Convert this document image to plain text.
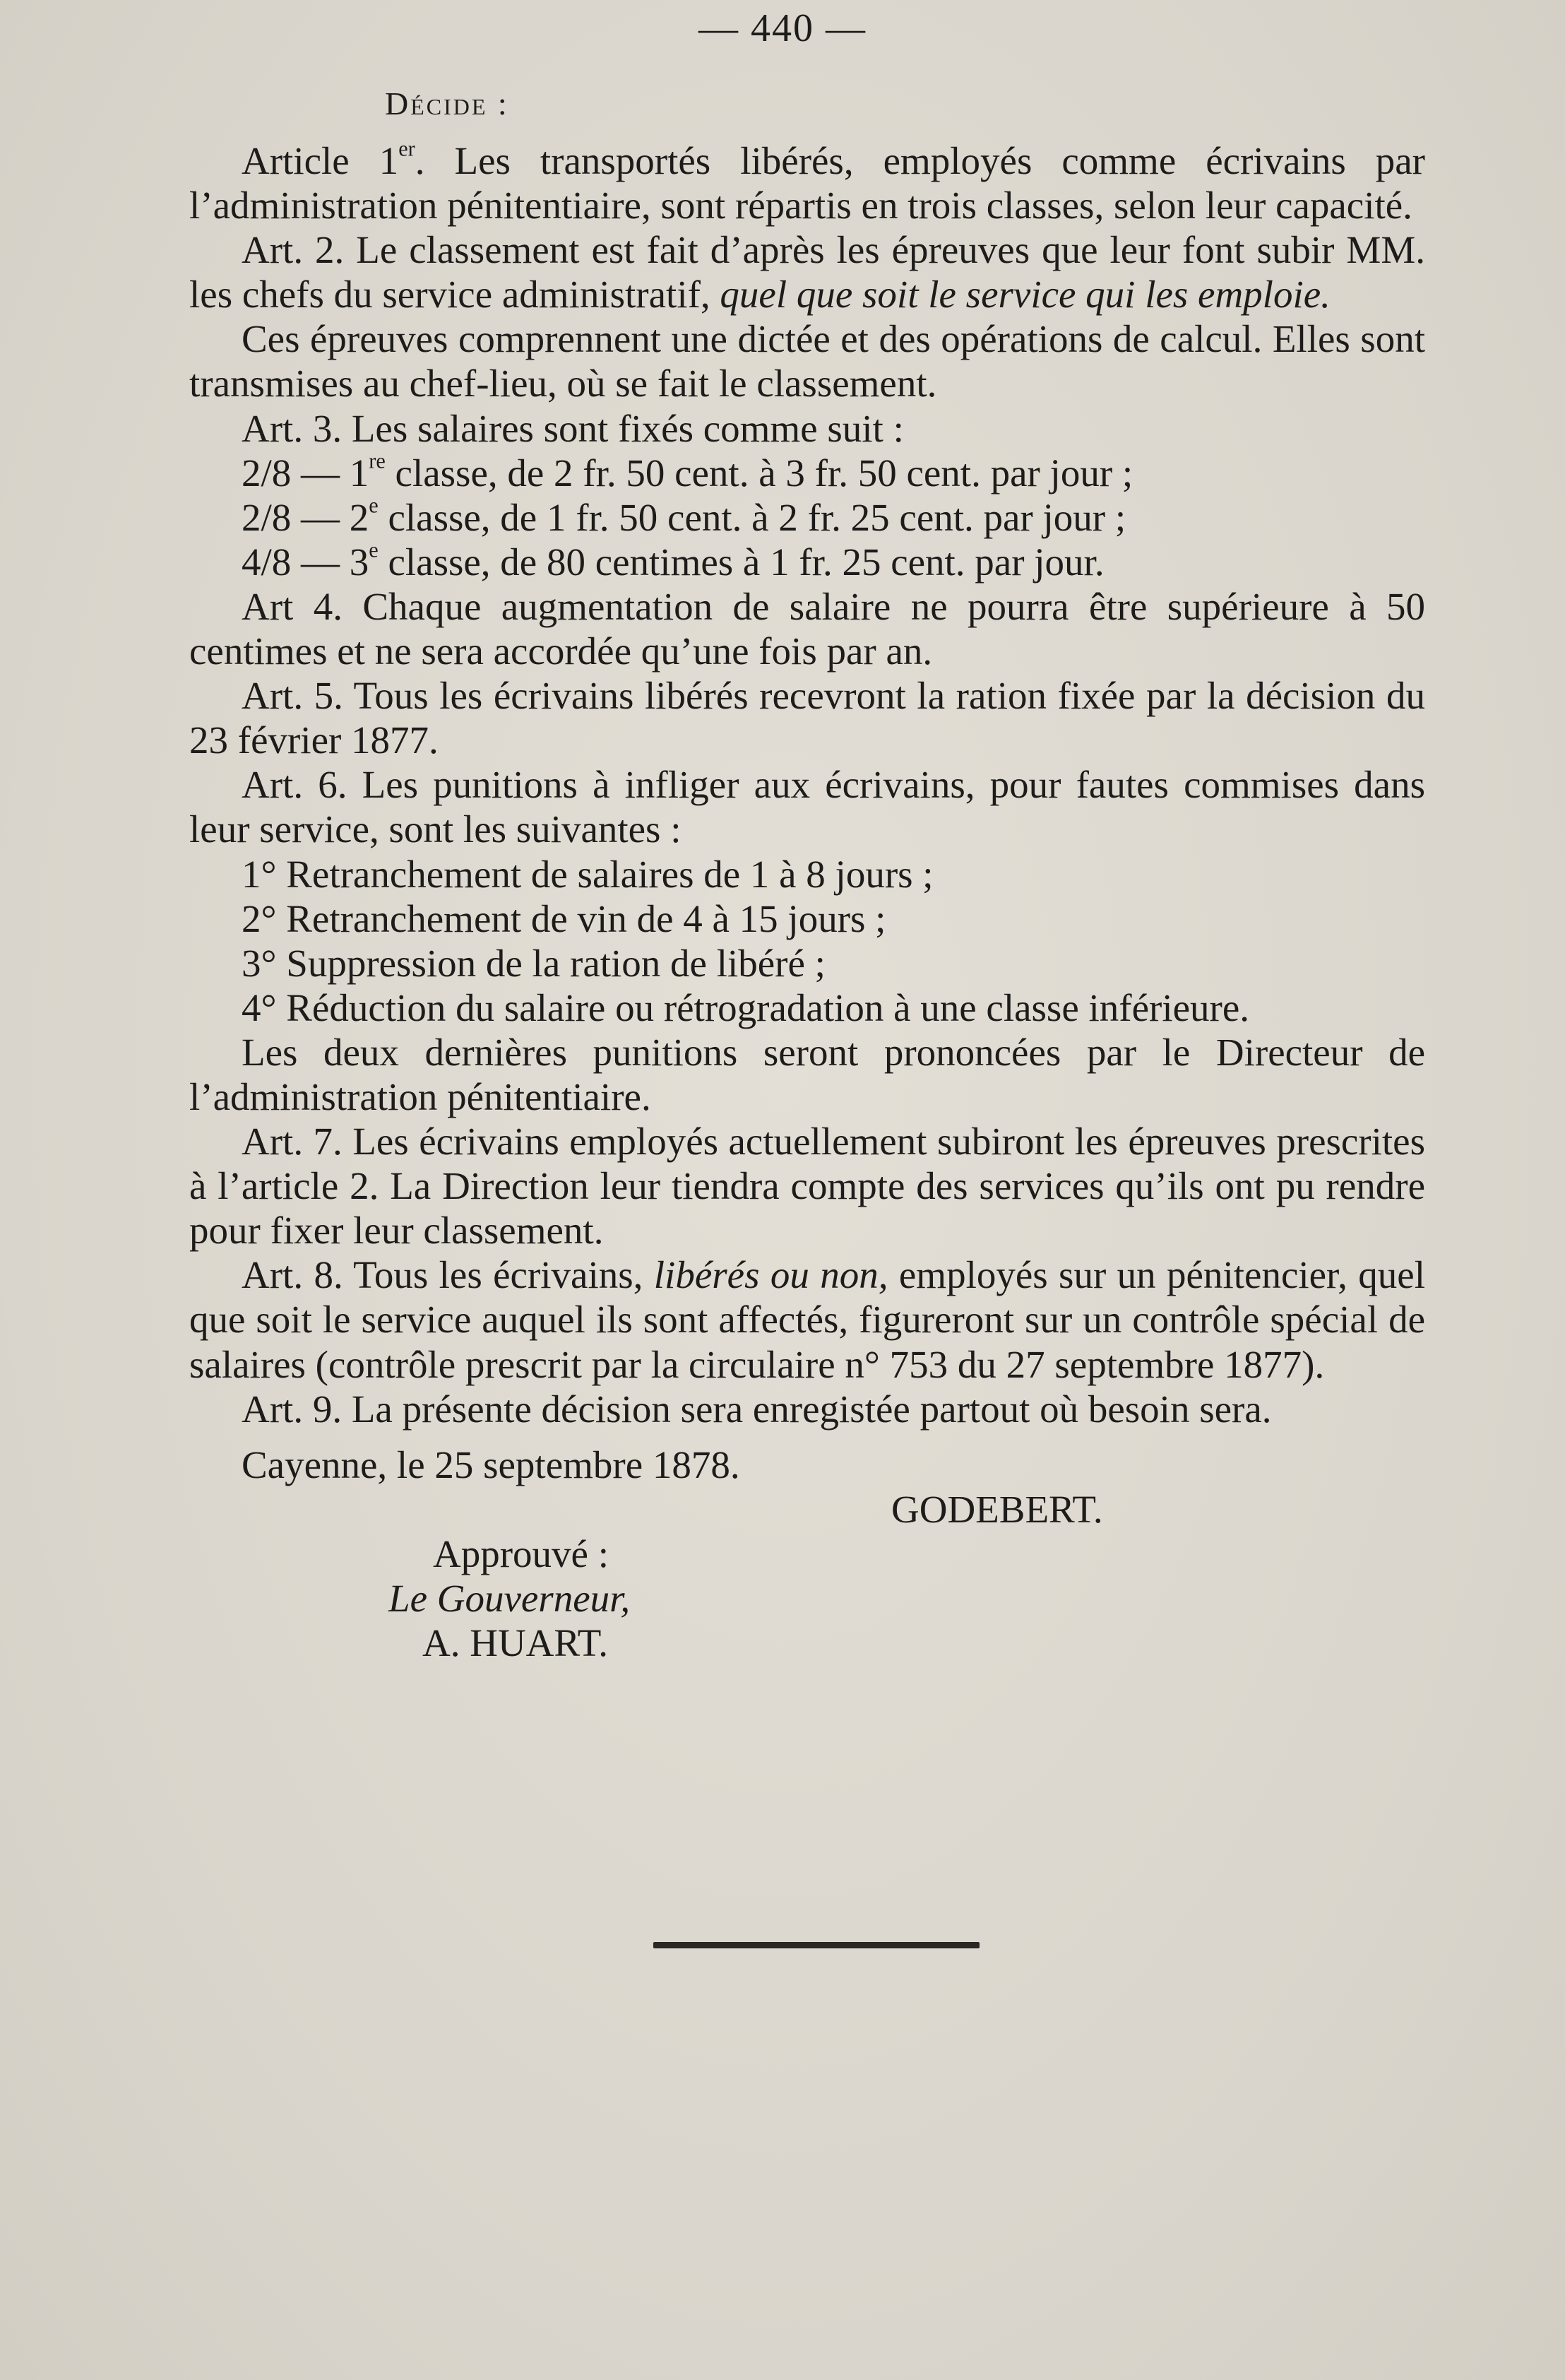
— 440 —
Décide :
Article 1er. Les transportés libérés, employés comme écrivains par l’administration pénitentiaire, sont répartis en trois classes, selon leur capacité.
Art. 2. Le classement est fait d’après les épreuves que leur font subir MM. les chefs du service administratif, quel que soit le service qui les emploie.
Ces épreuves comprennent une dictée et des opérations de calcul. Elles sont transmises au chef-lieu, où se fait le classement.
Art. 3. Les salaires sont fixés comme suit :
2/8 — 1re classe, de 2 fr. 50 cent. à 3 fr. 50 cent. par jour ;
2/8 — 2e classe, de 1 fr. 50 cent. à 2 fr. 25 cent. par jour ;
4/8 — 3e classe, de 80 centimes à 1 fr. 25 cent. par jour.
Art 4. Chaque augmentation de salaire ne pourra être supérieure à 50 centimes et ne sera accordée qu’une fois par an.
Art. 5. Tous les écrivains libérés recevront la ration fixée par la décision du 23 février 1877.
Art. 6. Les punitions à infliger aux écrivains, pour fautes commises dans leur service, sont les suivantes :
1° Retranchement de salaires de 1 à 8 jours ;
2° Retranchement de vin de 4 à 15 jours ;
3° Suppression de la ration de libéré ;
4° Réduction du salaire ou rétrogradation à une classe inférieure.
Les deux dernières punitions seront prononcées par le Directeur de l’administration pénitentiaire.
Art. 7. Les écrivains employés actuellement subiront les épreuves prescrites à l’article 2. La Direction leur tiendra compte des services qu’ils ont pu rendre pour fixer leur classement.
Art. 8. Tous les écrivains, libérés ou non, employés sur un pénitencier, quel que soit le service auquel ils sont affectés, figureront sur un contrôle spécial de salaires (contrôle prescrit par la circulaire n° 753 du 27 septembre 1877).
Art. 9. La présente décision sera enregistée partout où besoin sera.
Cayenne, le 25 septembre 1878.
GODEBERT.
Approuvé :
Le Gouverneur,
A. HUART.
